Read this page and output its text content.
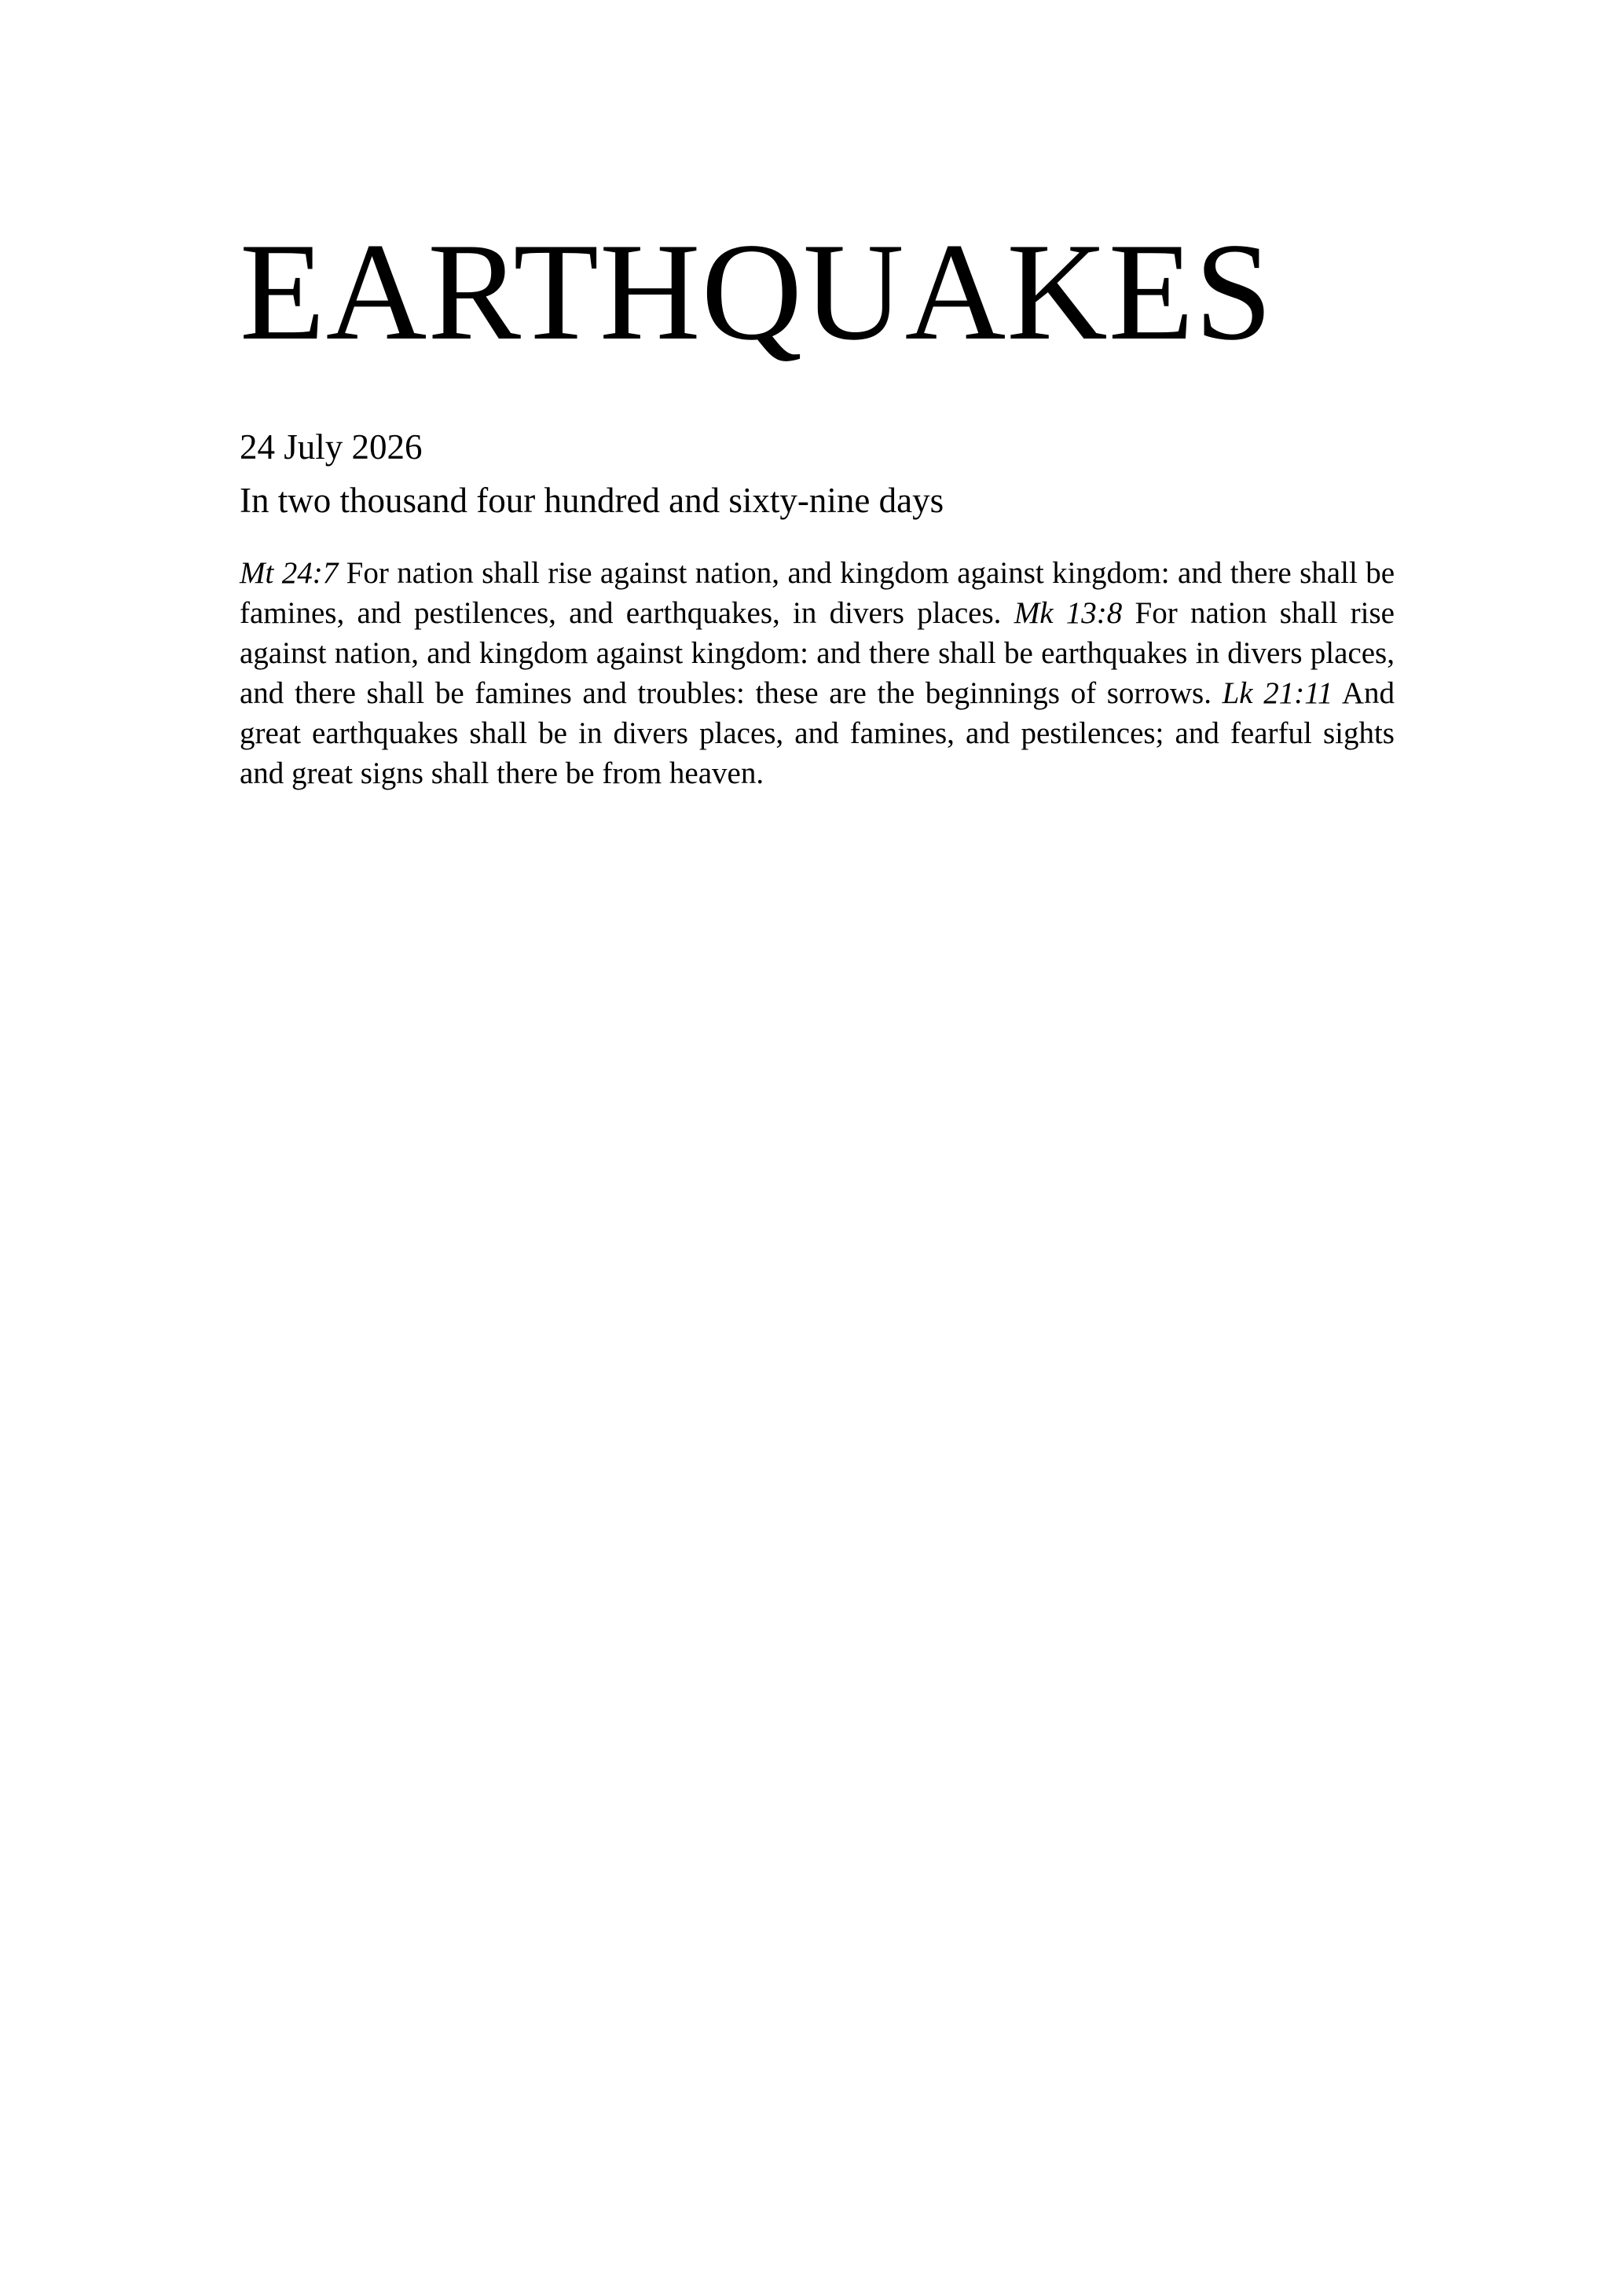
EARTHQUAKES
24 July 2026
In two thousand four hundred and sixty-nine days

Mt 24:7 For nation shall rise against nation, and kingdom against kingdom: and there shall be famines, and pestilences, and earthquakes, in divers places. Mk 13:8 For nation shall rise against nation, and kingdom against kingdom: and there shall be earthquakes in divers places, and there shall be famines and troubles: these are the beginnings of sorrows. Lk 21:11 And great earthquakes shall be in divers places, and famines, and pestilences; and fearful sights and great signs shall there be from heaven.
